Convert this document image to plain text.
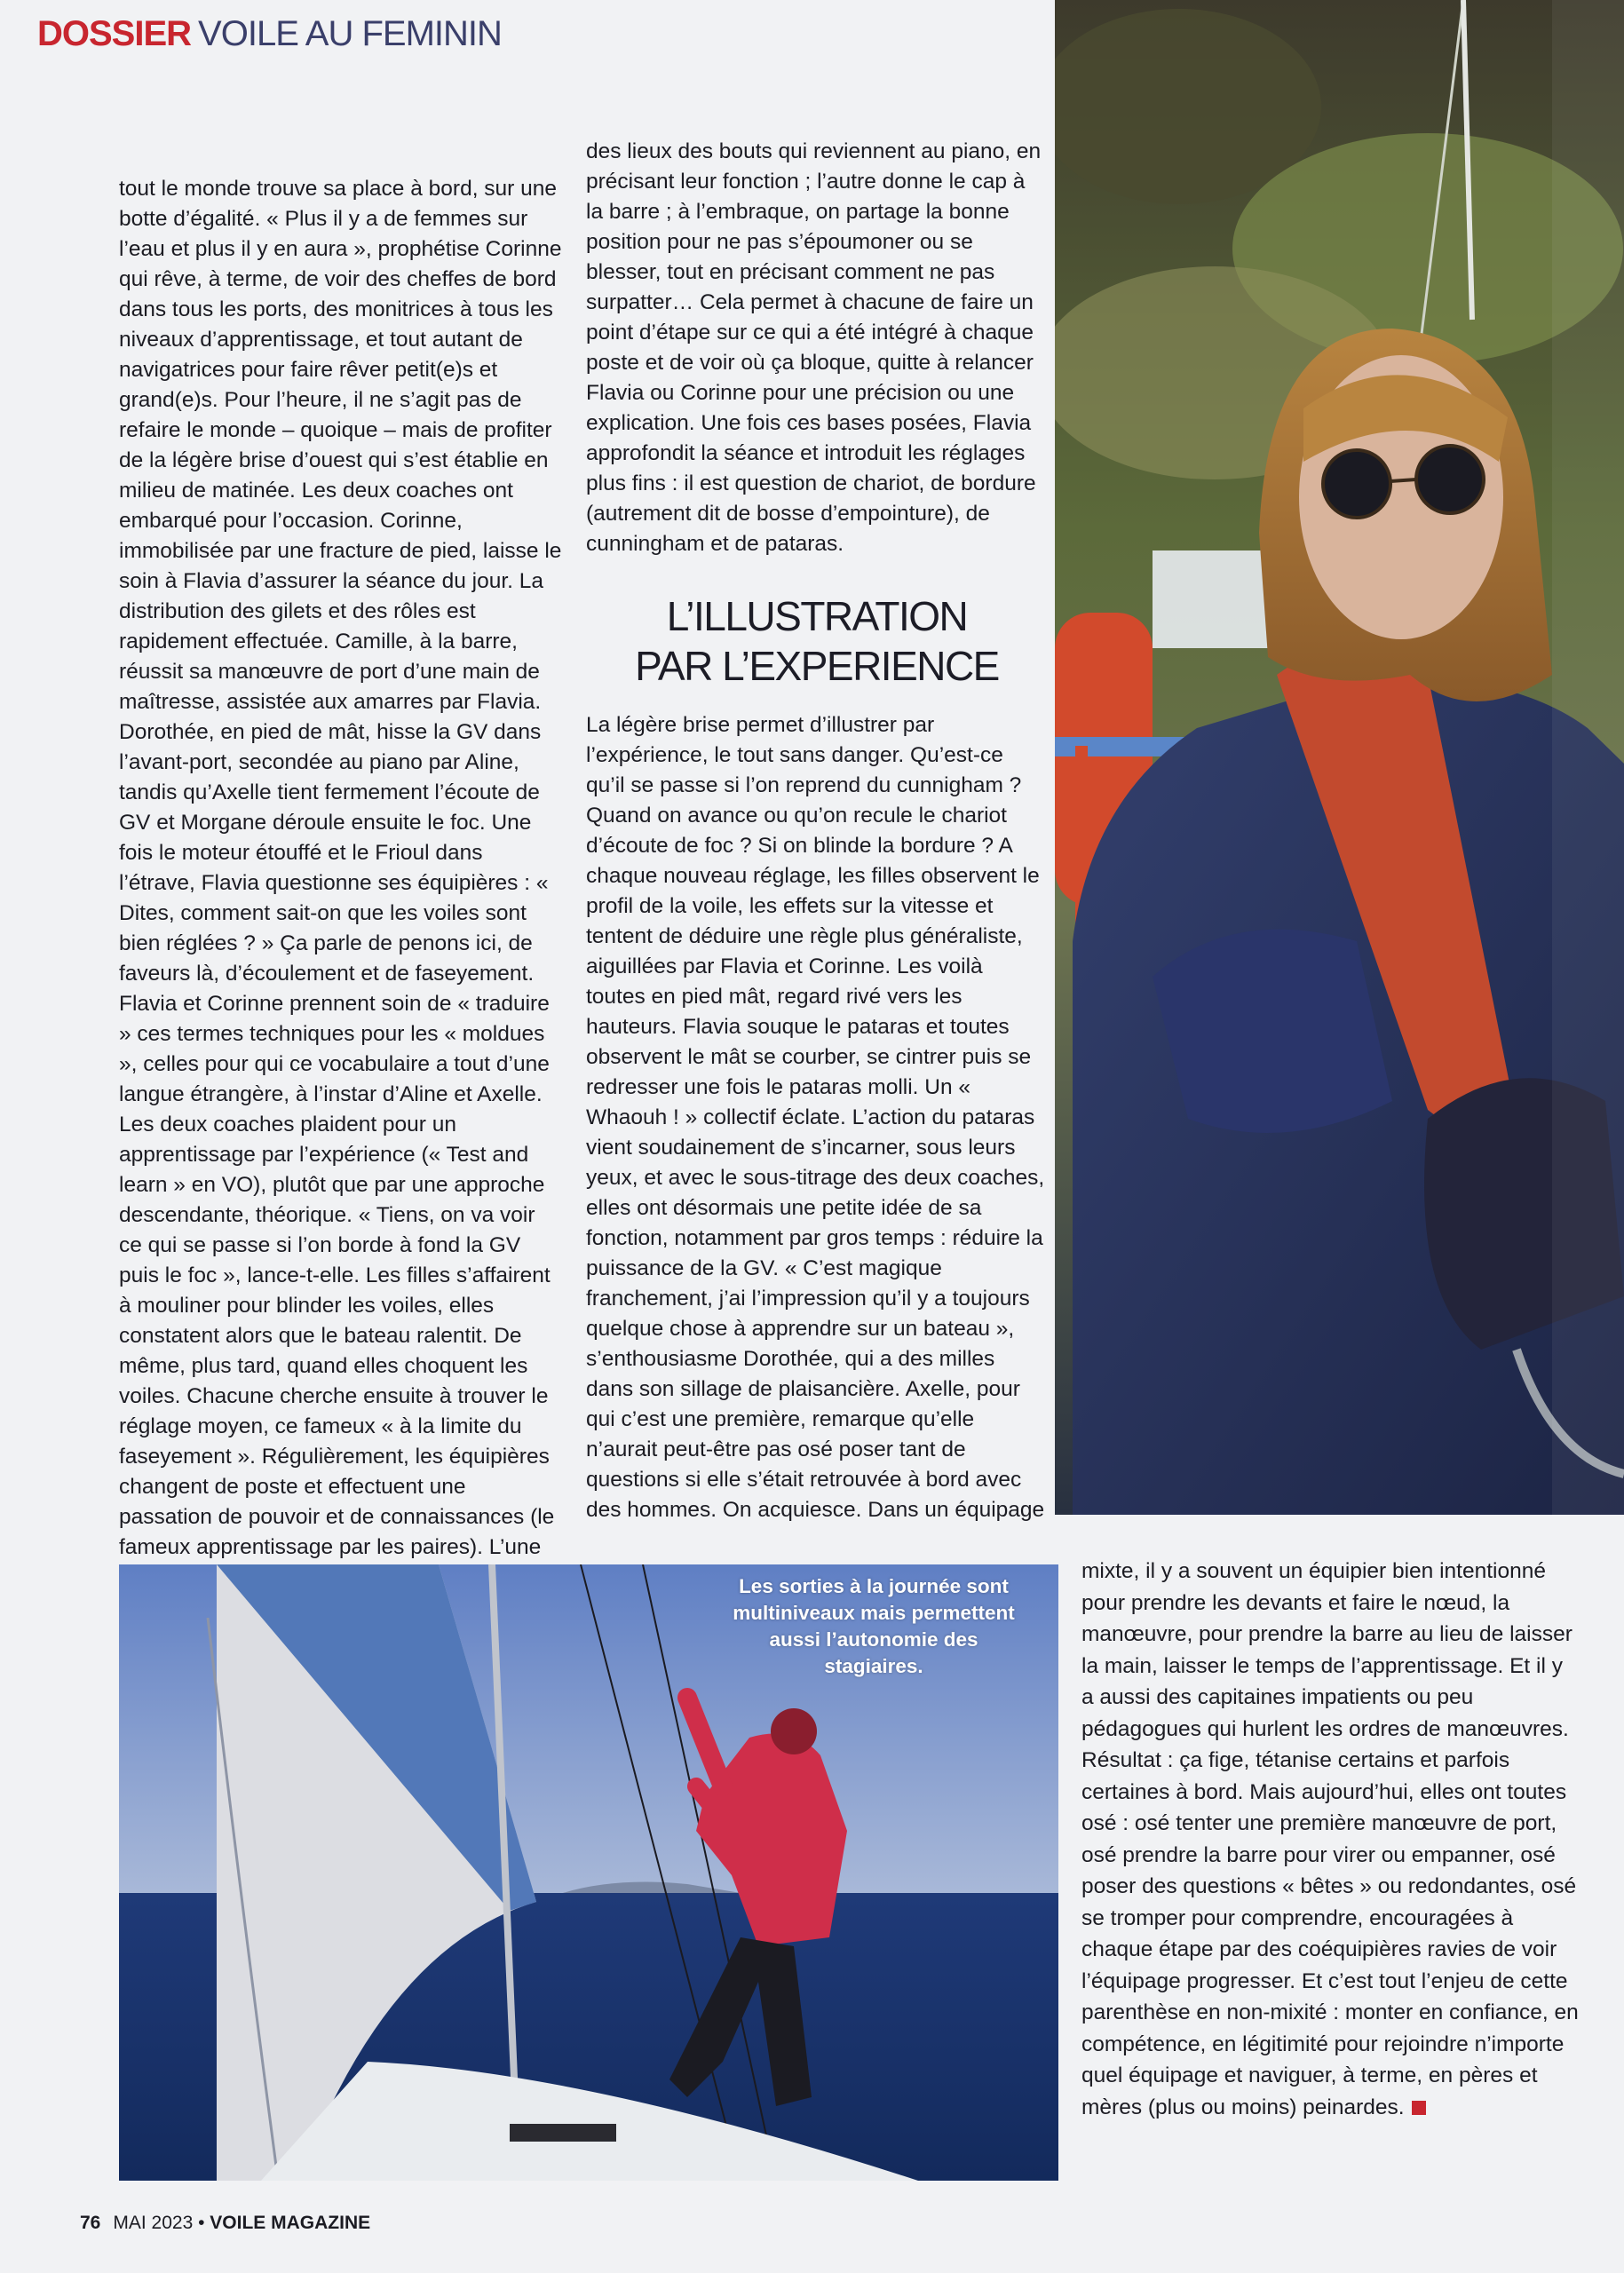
DOSSIER VOILE AU FEMININ

tout le monde trouve sa place à bord, sur une botte d’égalité. « Plus il y a de femmes sur l’eau et plus il y en aura », prophétise Corinne qui rêve, à terme, de voir des cheffes de bord dans tous les ports, des monitrices à tous les niveaux d’apprentissage, et tout autant de navigatrices pour faire rêver petit(e)s et grand(e)s. Pour l’heure, il ne s’agit pas de refaire le monde – quoique – mais de profiter de la légère brise d’ouest qui s’est établie en milieu de matinée. Les deux coaches ont embarqué pour l’occasion. Corinne, immobilisée par une fracture de pied, laisse le soin à Flavia d’assurer la séance du jour. La distribution des gilets et des rôles est rapidement effectuée. Camille, à la barre, réussit sa manœuvre de port d’une main de maîtresse, assistée aux amarres par Flavia. Dorothée, en pied de mât, hisse la GV dans l’avant-port, secondée au piano par Aline, tandis qu’Axelle tient fermement l’écoute de GV et Morgane déroule ensuite le foc. Une fois le moteur étouffé et le Frioul dans l’étrave, Flavia questionne ses équipières : « Dites, comment sait-on que les voiles sont bien réglées ? » Ça parle de penons ici, de faveurs là, d’écoulement et de faseyement. Flavia et Corinne prennent soin de « traduire » ces termes techniques pour les « moldues », celles pour qui ce vocabulaire a tout d’une langue étrangère, à l’instar d’Aline et Axelle. Les deux coaches plaident pour un apprentissage par l’expérience (« Test and learn » en VO), plutôt que par une approche descendante, théorique. « Tiens, on va voir ce qui se passe si l’on borde à fond la GV puis le foc », lance-t-elle. Les filles s’affairent à mouliner pour blinder les voiles, elles constatent alors que le bateau ralentit. De même, plus tard, quand elles choquent les voiles. Chacune cherche ensuite à trouver le réglage moyen, ce fameux « à la limite du faseyement ». Régulièrement, les équipières changent de poste et effectuent une passation de pouvoir et de connaissances (le fameux apprentissage par les paires). L’une

des lieux des bouts qui reviennent au piano, en précisant leur fonction ; l’autre donne le cap à la barre ; à l’embraque, on partage la bonne position pour ne pas s’époumoner ou se blesser, tout en précisant comment ne pas surpatter… Cela permet à chacune de faire un point d’étape sur ce qui a été intégré à chaque poste et de voir où ça bloque, quitte à relancer Flavia ou Corinne pour une précision ou une explication. Une fois ces bases posées, Flavia approfondit la séance et introduit les réglages plus fins : il est question de chariot, de bordure (autrement dit de bosse d’empointure), de cunningham et de pataras.

L’ILLUSTRATION
PAR L’EXPERIENCE

La légère brise permet d’illustrer par l’expérience, le tout sans danger. Qu’est-ce qu’il se passe si l’on reprend du cunnigham ? Quand on avance ou qu’on recule le chariot d’écoute de foc ? Si on blinde la bordure ? A chaque nouveau réglage, les filles observent le profil de la voile, les effets sur la vitesse et tentent de déduire une règle plus généraliste, aiguillées par Flavia et Corinne. Les voilà toutes en pied mât, regard rivé vers les hauteurs. Flavia souque le pataras et toutes observent le mât se courber, se cintrer puis se redresser une fois le pataras molli. Un « Whaouh ! » collectif éclate. L’action du pataras vient soudainement de s’incarner, sous leurs yeux, et avec le sous-titrage des deux coaches, elles ont désormais une petite idée de sa fonction, notamment par gros temps : réduire la puissance de la GV. « C’est magique franchement, j’ai l’impression qu’il y a toujours quelque chose à apprendre sur un bateau », s’enthousiasme Dorothée, qui a des milles dans son sillage de plaisancière. Axelle, pour qui c’est une première, remarque qu’elle n’aurait peut-être pas osé poser tant de questions si elle s’était retrouvée à bord avec des hommes. On acquiesce. Dans un équipage

Les sorties à la journée sont multiniveaux mais permettent aussi l’autonomie des stagiaires.

mixte, il y a souvent un équipier bien intentionné pour prendre les devants et faire le nœud, la manœuvre, pour prendre la barre au lieu de laisser la main, laisser le temps de l’apprentissage. Et il y a aussi des capitaines impatients ou peu pédagogues qui hurlent les ordres de manœuvres. Résultat : ça fige, tétanise certains et parfois certaines à bord. Mais aujourd’hui, elles ont toutes osé : osé tenter une première manœuvre de port, osé prendre la barre pour virer ou empanner, osé poser des questions « bêtes » ou redondantes, osé se tromper pour comprendre, encouragées à chaque étape par des coéquipières ravies de voir l’équipage progresser. Et c’est tout l’enjeu de cette parenthèse en non-mixité : monter en confiance, en compétence, en légitimité pour rejoindre n’importe quel équipage et naviguer, à terme, en pères et mères (plus ou moins) peinardes.

76 MAI 2023 • VOILE MAGAZINE
